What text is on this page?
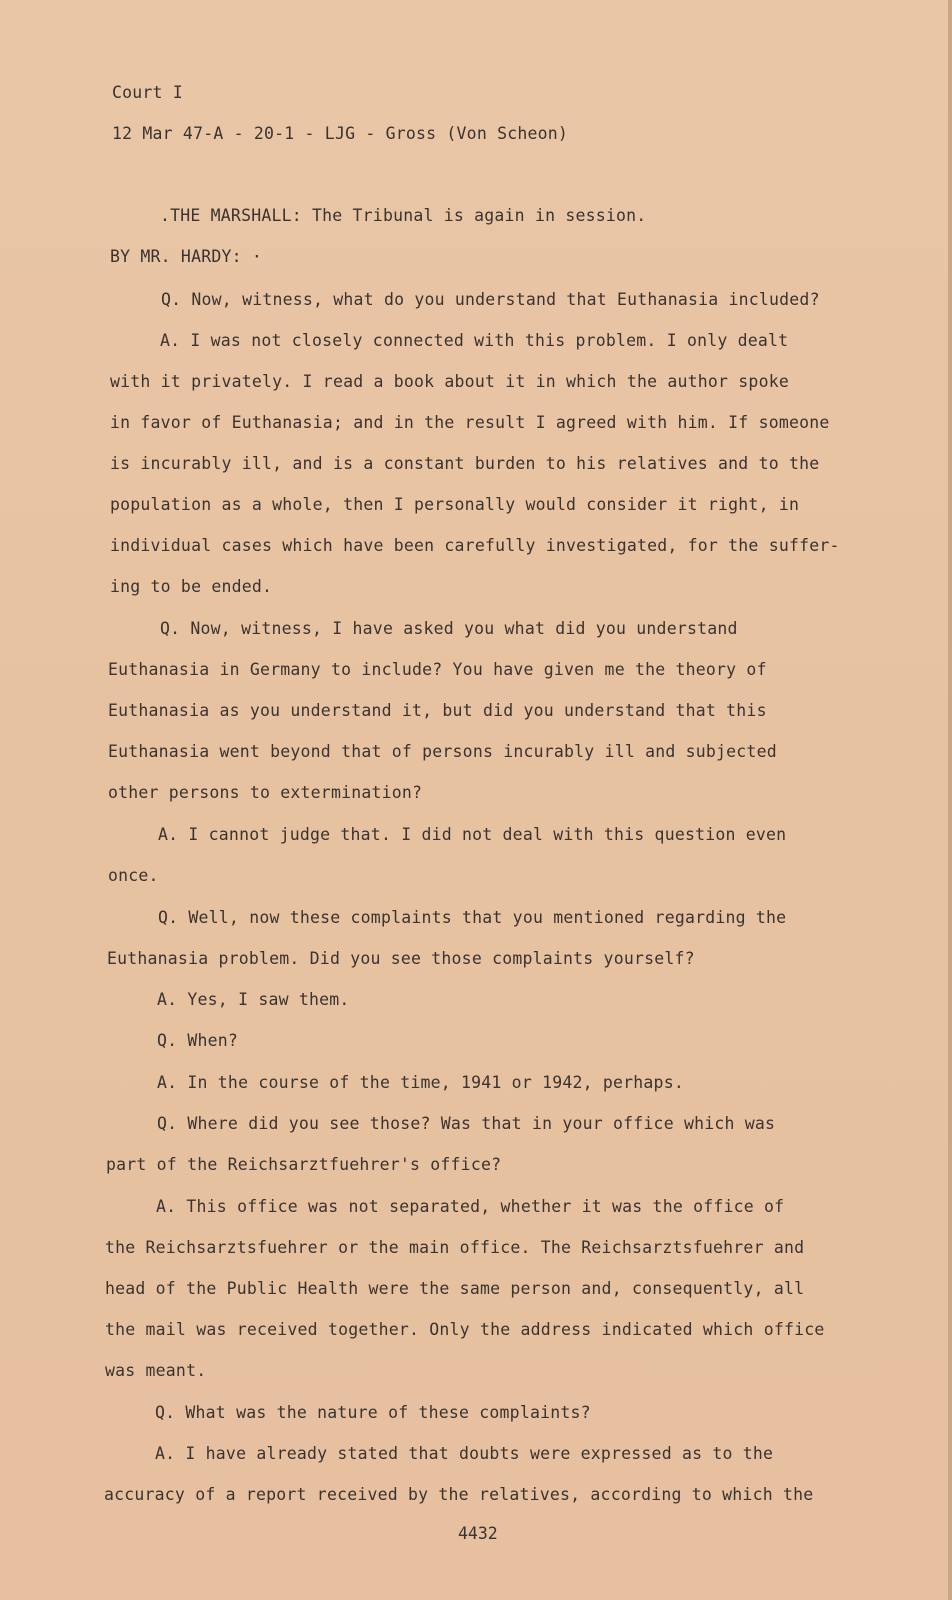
Court I
12 Mar 47-A - 20-1 - LJG - Gross (Von Scheon)
.THE MARSHALL: The Tribunal is again in session.
BY MR. HARDY: ·
Q. Now, witness, what do you understand that Euthanasia included?
A. I was not closely connected with this problem. I only dealt
with it privately. I read a book about it in which the author spoke
in favor of Euthanasia; and in the result I agreed with him. If someone
is incurably ill, and is a constant burden to his relatives and to the
population as a whole, then I personally would consider it right, in
individual cases which have been carefully investigated, for the suffer-
ing to be ended.
Q. Now, witness, I have asked you what did you understand
Euthanasia in Germany to include? You have given me the theory of
Euthanasia as you understand it, but did you understand that this
Euthanasia went beyond that of persons incurably ill and subjected
other persons to extermination?
A. I cannot judge that. I did not deal with this question even
once.
Q. Well, now these complaints that you mentioned regarding the
Euthanasia problem. Did you see those complaints yourself?
A. Yes, I saw them.
Q. When?
A. In the course of the time, 1941 or 1942, perhaps.
Q. Where did you see those? Was that in your office which was
part of the Reichsarztfuehrer's office?
A. This office was not separated, whether it was the office of
the Reichsarztsfuehrer or the main office. The Reichsarztsfuehrer and
head of the Public Health were the same person and, consequently, all
the mail was received together. Only the address indicated which office
was meant.
Q. What was the nature of these complaints?
A. I have already stated that doubts were expressed as to the
accuracy of a report received by the relatives, according to which the
4432
